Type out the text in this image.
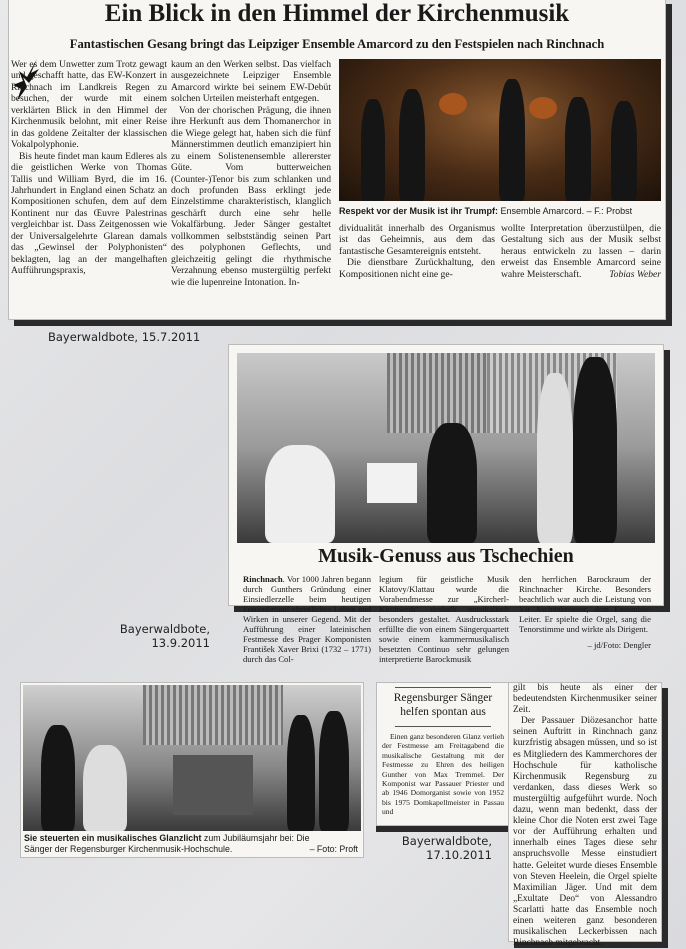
Ein Blick in den Himmel der Kirchenmusik
Fantastischen Gesang bringt das Leipziger Ensemble Amarcord zu den Festspielen nach Rinchnach

Wer es dem Unwetter zum Trotz gewagt und geschafft hatte, das EW-Konzert in Rinchnach im Landkreis Regen zu besuchen, der wurde mit einem verklärten Blick in den Himmel der Kirchenmusik belohnt, mit einer Reise in das goldene Zeitalter der klassischen Vokalpolyphonie.

Bis heute findet man kaum Edleres als die geistlichen Werke von Thomas Tallis und William Byrd, die im 16. Jahrhundert in England einen Schatz an Kompositionen schufen, dem auf dem Kontinent nur das Œuvre Palestrinas vergleichbar ist. Dass Zeitgenossen wie der Universalgelehrte Glarean damals das „Gewinsel der Polyphonisten“ beklagten, lag an der mangelhaften Aufführungspraxis,

kaum an den Werken selbst. Das vielfach ausgezeichnete Leipziger Ensemble Amarcord wirkte bei seinem EW-Debüt solchen Urteilen meisterhaft entgegen.

Von der chorischen Prägung, die ihnen ihre Herkunft aus dem Thomanerchor in die Wiege gelegt hat, haben sich die fünf Männerstimmen deutlich emanzipiert hin zu einem Solistenensemble allererster Güte. Vom butterweichen (Counter-)Tenor bis zum schlanken und doch profunden Bass erklingt jede Einzelstimme charakteristisch, klanglich geschärft durch eine sehr helle Vokalfärbung. Jeder Sänger gestaltet vollkommen selbstständig seinen Part des polyphonen Geflechts, und gleichzeitig gelingt die rhythmische Verzahnung ebenso mustergültig perfekt wie die lupenreine Intonation. In-

Respekt vor der Musik ist ihr Trumpf: Ensemble Amarcord. – F.: Probst

dividualität innerhalb des Organismus ist das Geheimnis, aus dem das fantastische Gesamtereignis entsteht.

Die dienstbare Zurückhaltung, den Kompositionen nicht eine ge-

wollte Interpretation überzustülpen, die Gestaltung sich aus der Musik selbst heraus entwickeln zu lassen – darin erweist das Ensemble Amarcord seine wahre Meisterschaft.	Tobias Weber
Bayerwaldbote, 15.7.2011
Musik-Genuss aus Tschechien

Rinchnach. Vor 1000 Jahren begann durch Gunthers Gründung einer Einsiedlerzelle beim heutigen Frauenbrünnl christliches Leben und Wirken in unserer Gegend. Mit der Aufführung einer lateinischen Festmesse des Prager Komponisten František Xaver Brixi (1732 – 1771) durch das Col-

legium für geistliche Musik Klatovy/Klattau wurde die Vorabendmesse zur „Kircherl-Kirchweih“ deshalb musikalisch besonders gestaltet. Ausdrucksstark erfüllte die von einem Sängerquartett sowie einem kammermusikalisch besetzten Continuo sehr gelungen interpretierte Barockmusik

den herrlichen Barockraum der Rinchnacher Kirche. Besonders beachtlich war auch die Leistung von Vít Aschenbrenner, dem Ensemble-Leiter. Er spielte die Orgel, sang die Tenorstimme und wirkte als Dirigent.

– jd/Foto: Dengler
Bayerwaldbote,
13.9.2011
Sie steuerten ein musikalisches Glanzlicht zum Jubiläumsjahr bei: Die
Sänger der Regensburger Kirchenmusik-Hochschule.	– Foto: Proft
Regensburger Sänger helfen spontan aus

Einen ganz besonderen Glanz verlieh der Festmesse am Freitagabend die musikalische Gestaltung mit der Festmesse zu Ehren des heiligen Gunther von Max Tremmel. Der Komponist war Passauer Priester und ab 1946 Domorganist sowie von 1952 bis 1975 Domkapellmeister in Passau und

gilt bis heute als einer der bedeutendsten Kirchenmusiker seiner Zeit.

Der Passauer Diözesanchor hatte seinen Auftritt in Rinchnach ganz kurzfristig absagen müssen, und so ist es Mitgliedern des Kammerchores der Hochschule für katholische Kirchenmusik Regensburg zu verdanken, dass dieses Werk so mustergültig aufgeführt wurde. Noch dazu, wenn man bedenkt, dass der kleine Chor die Noten erst zwei Tage vor der Aufführung erhalten und innerhalb eines Tages diese sehr anspruchsvolle Messe einstudiert hatte. Geleitet wurde dieses Ensemble von Steven Heelein, die Orgel spielte Maximilian Jäger. Und mit dem „Exultate Deo“ von Alessandro Scarlatti hatte das Ensemble noch einen weiteren ganz besonderen musikalischen Leckerbissen nach Rinchnach mitgebracht.

Bayerwaldbote,
17.10.2011
